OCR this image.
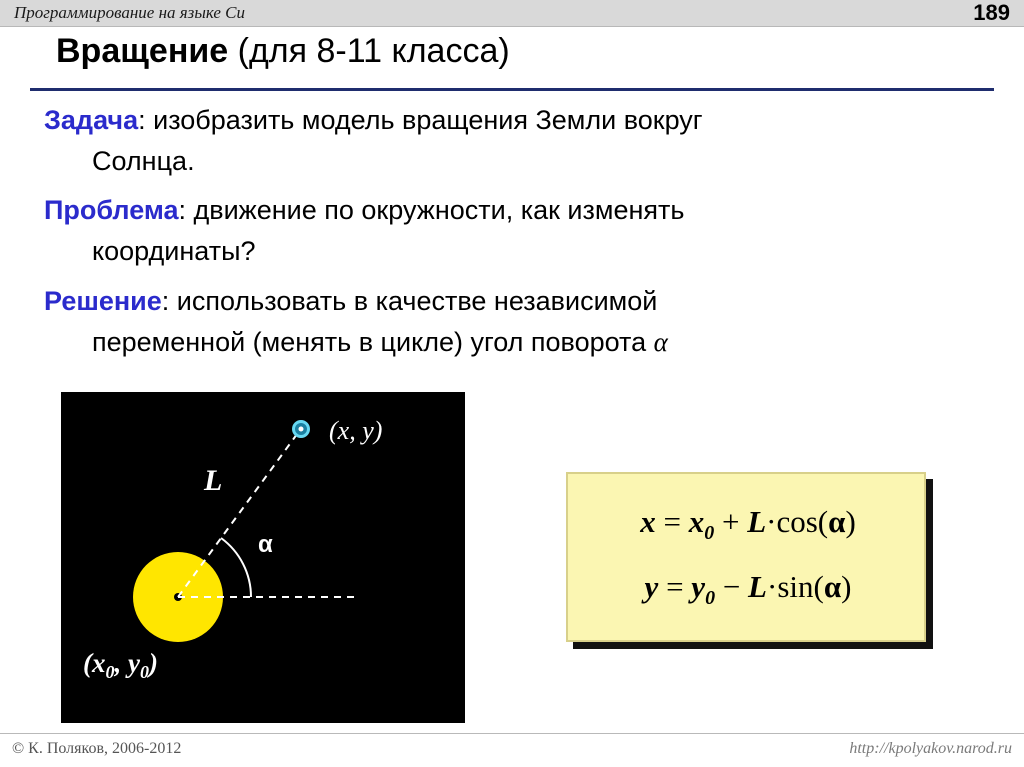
Программирование на языке Си	189
Вращение (для 8-11 класса)
Задача: изобразить модель вращения Земли вокруг
Солнца.
Проблема: движение по окружности, как изменять
координаты?
Решение: использовать в качестве независимой
переменной (менять в цикле) угол поворота α
(x, y)
L
α
($x_0$, $y_0$)
$x = x_0 + L\cdot\cos(\alpha)$
$y = y_0 - L\cdot\sin(\alpha)$
© К. Поляков, 2006-2012	http://kpolyakov.narod.ru
